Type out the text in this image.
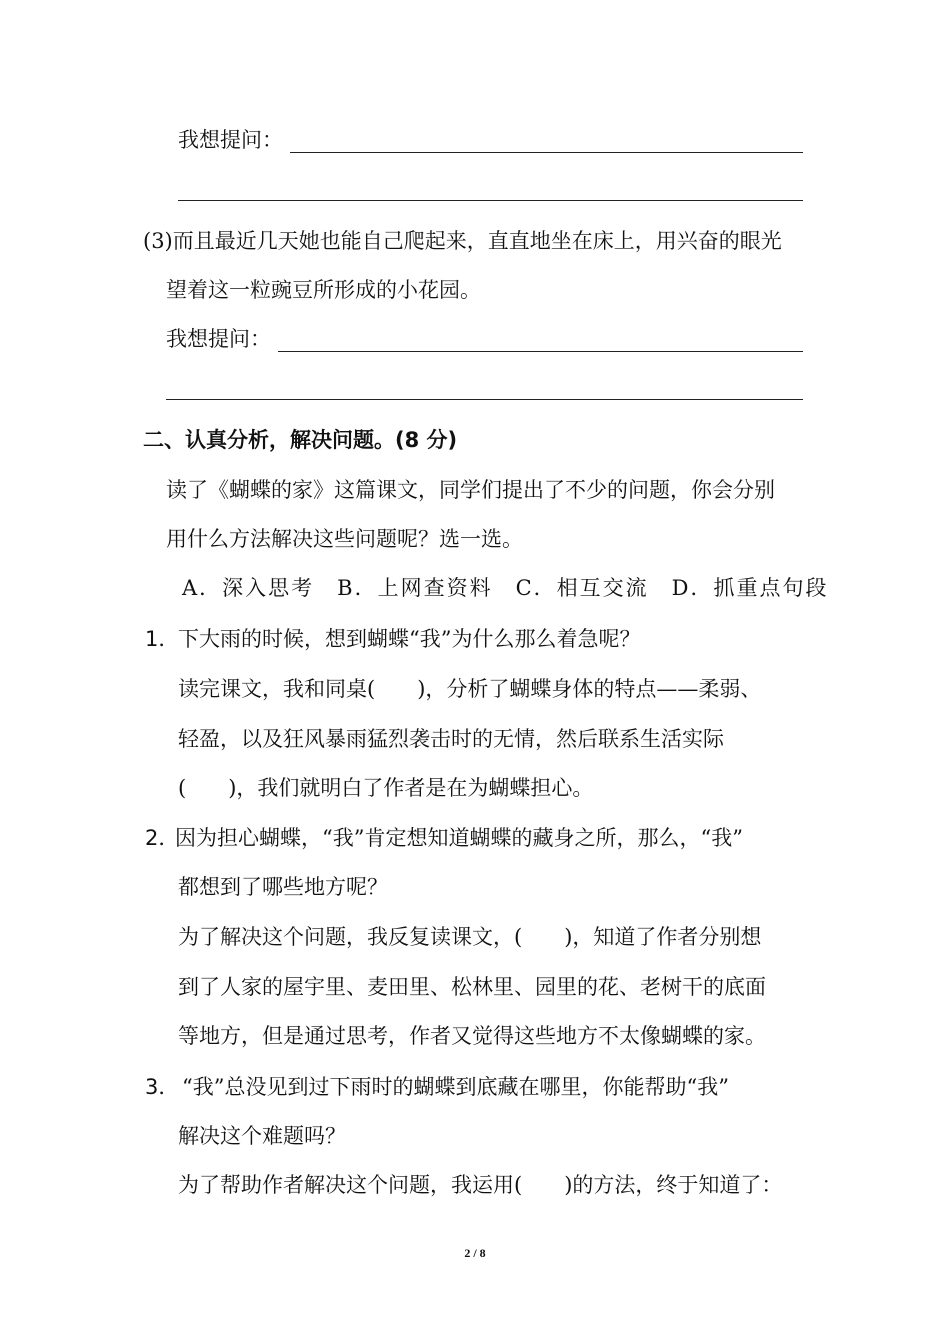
我想提问：
(3)而且最近几天她也能自己爬起来，直直地坐在床上，用兴奋的眼光
望着这一粒豌豆所形成的小花园。
我想提问：
二、认真分析，解决问题。(8 分)
读了《蝴蝶的家》这篇课文，同学们提出了不少的问题，你会分别
用什么方法解决这些问题呢？选一选。
A．深入思考　B．上网查资料　C．相互交流　D．抓重点句段
1．
下大雨的时候，想到蝴蝶“我”为什么那么着急呢？
读完课文，我和同桌(　　)，分析了蝴蝶身体的特点——柔弱、
轻盈，以及狂风暴雨猛烈袭击时的无情，然后联系生活实际
(　　)，我们就明白了作者是在为蝴蝶担心。
2．
因为担心蝴蝶，“我”肯定想知道蝴蝶的藏身之所，那么，“我”
都想到了哪些地方呢？
为了解决这个问题，我反复读课文，(　　)，知道了作者分别想
到了人家的屋宇里、麦田里、松林里、园里的花、老树干的底面
等地方，但是通过思考，作者又觉得这些地方不太像蝴蝶的家。
3． “我”总没见到过下雨时的蝴蝶到底藏在哪里，你能帮助“我”
解决这个难题吗？
为了帮助作者解决这个问题，我运用(　　)的方法，终于知道了：
2 / 8
